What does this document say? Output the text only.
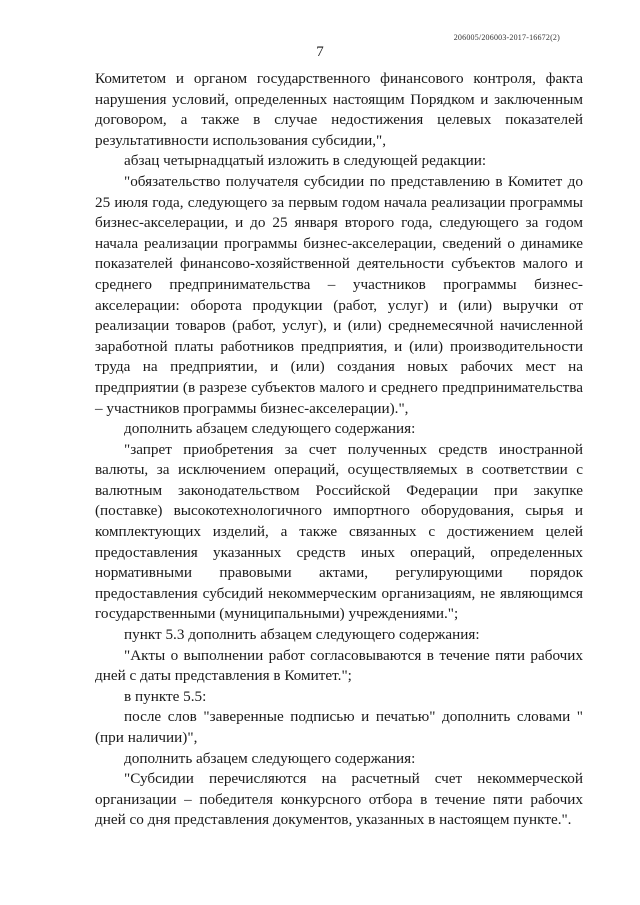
206005/206003-2017-16672(2)
7

Комитетом и органом государственного финансового контроля, факта нарушения условий, определенных настоящим Порядком и заключенным договором, а также в случае недостижения целевых показателей результативности использования субсидии,",

абзац четырнадцатый изложить в следующей редакции:

"обязательство получателя субсидии по представлению в Комитет до 25 июля года, следующего за первым годом начала реализации программы бизнес-акселерации, и до 25 января второго года, следующего за годом начала реализации программы бизнес-акселерации, сведений о динамике показателей финансово-хозяйственной деятельности субъектов малого и среднего предпринимательства – участников программы бизнес-акселерации: оборота продукции (работ, услуг) и (или) выручки от реализации товаров (работ, услуг), и (или) среднемесячной начисленной заработной платы работников предприятия, и (или) производительности труда на предприятии, и (или) создания новых рабочих мест на предприятии (в разрезе субъектов малого и среднего предпринимательства – участников программы бизнес-акселерации).",

дополнить абзацем следующего содержания:

"запрет приобретения за счет полученных средств иностранной валюты, за исключением операций, осуществляемых в соответствии с валютным законодательством Российской Федерации при закупке (поставке) высокотехнологичного импортного оборудования, сырья и комплектующих изделий, а также связанных с достижением целей предоставления указанных средств иных операций, определенных нормативными правовыми актами, регулирующими порядок предоставления субсидий некоммерческим организациям, не являющимся государственными (муниципальными) учреждениями.";

пункт 5.3 дополнить абзацем следующего содержания:

"Акты о выполнении работ согласовываются в течение пяти рабочих дней с даты представления в Комитет.";

в пункте 5.5:

после слов "заверенные подписью и печатью" дополнить словами "(при наличии)",

дополнить абзацем следующего содержания:

"Субсидии перечисляются на расчетный счет некоммерческой организации – победителя конкурсного отбора в течение пяти рабочих дней со дня представления документов, указанных в настоящем пункте.".
